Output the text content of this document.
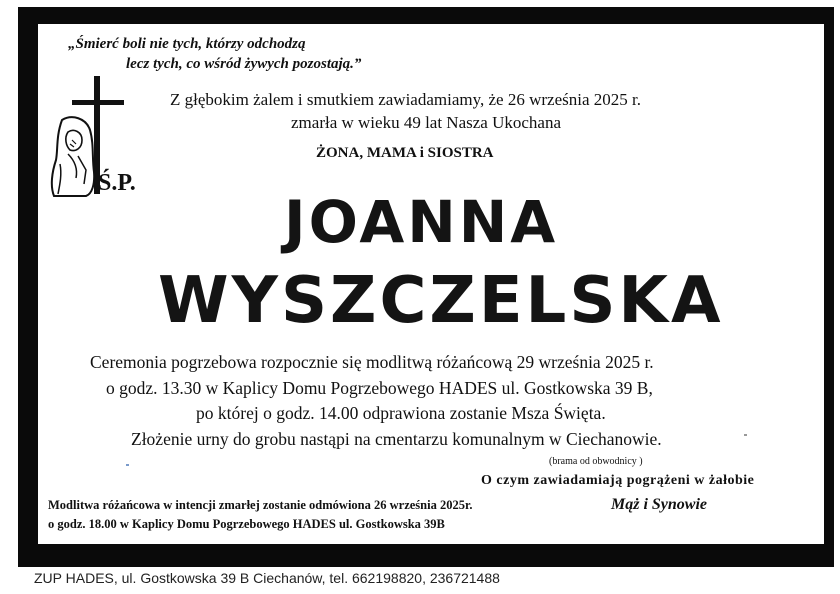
„Śmierć boli nie tych, którzy odchodzą
lecz tych, co wśród żywych pozostają.”
Ś.P.
Z głębokim żalem i smutkiem zawiadamiamy, że 26 września 2025 r.
zmarła w wieku 49 lat Nasza Ukochana
ŻONA, MAMA i SIOSTRA
JOANNA
WYSZCZELSKA
Ceremonia pogrzebowa rozpocznie się modlitwą różańcową 29 września 2025 r.
o godz. 13.30 w Kaplicy Domu Pogrzebowego HADES ul. Gostkowska 39 B,
po której o godz. 14.00 odprawiona zostanie Msza Święta.
Złożenie urny do grobu nastąpi na cmentarzu komunalnym w Ciechanowie.
(brama od obwodnicy )
O czym zawiadamiają pogrążeni w żałobie
Mąż i Synowie
Modlitwa różańcowa w intencji zmarłej zostanie odmówiona 26 września 2025r.
o godz. 18.00 w Kaplicy Domu Pogrzebowego HADES ul. Gostkowska 39B
ZUP HADES, ul. Gostkowska 39 B Ciechanów, tel. 662198820, 236721488
